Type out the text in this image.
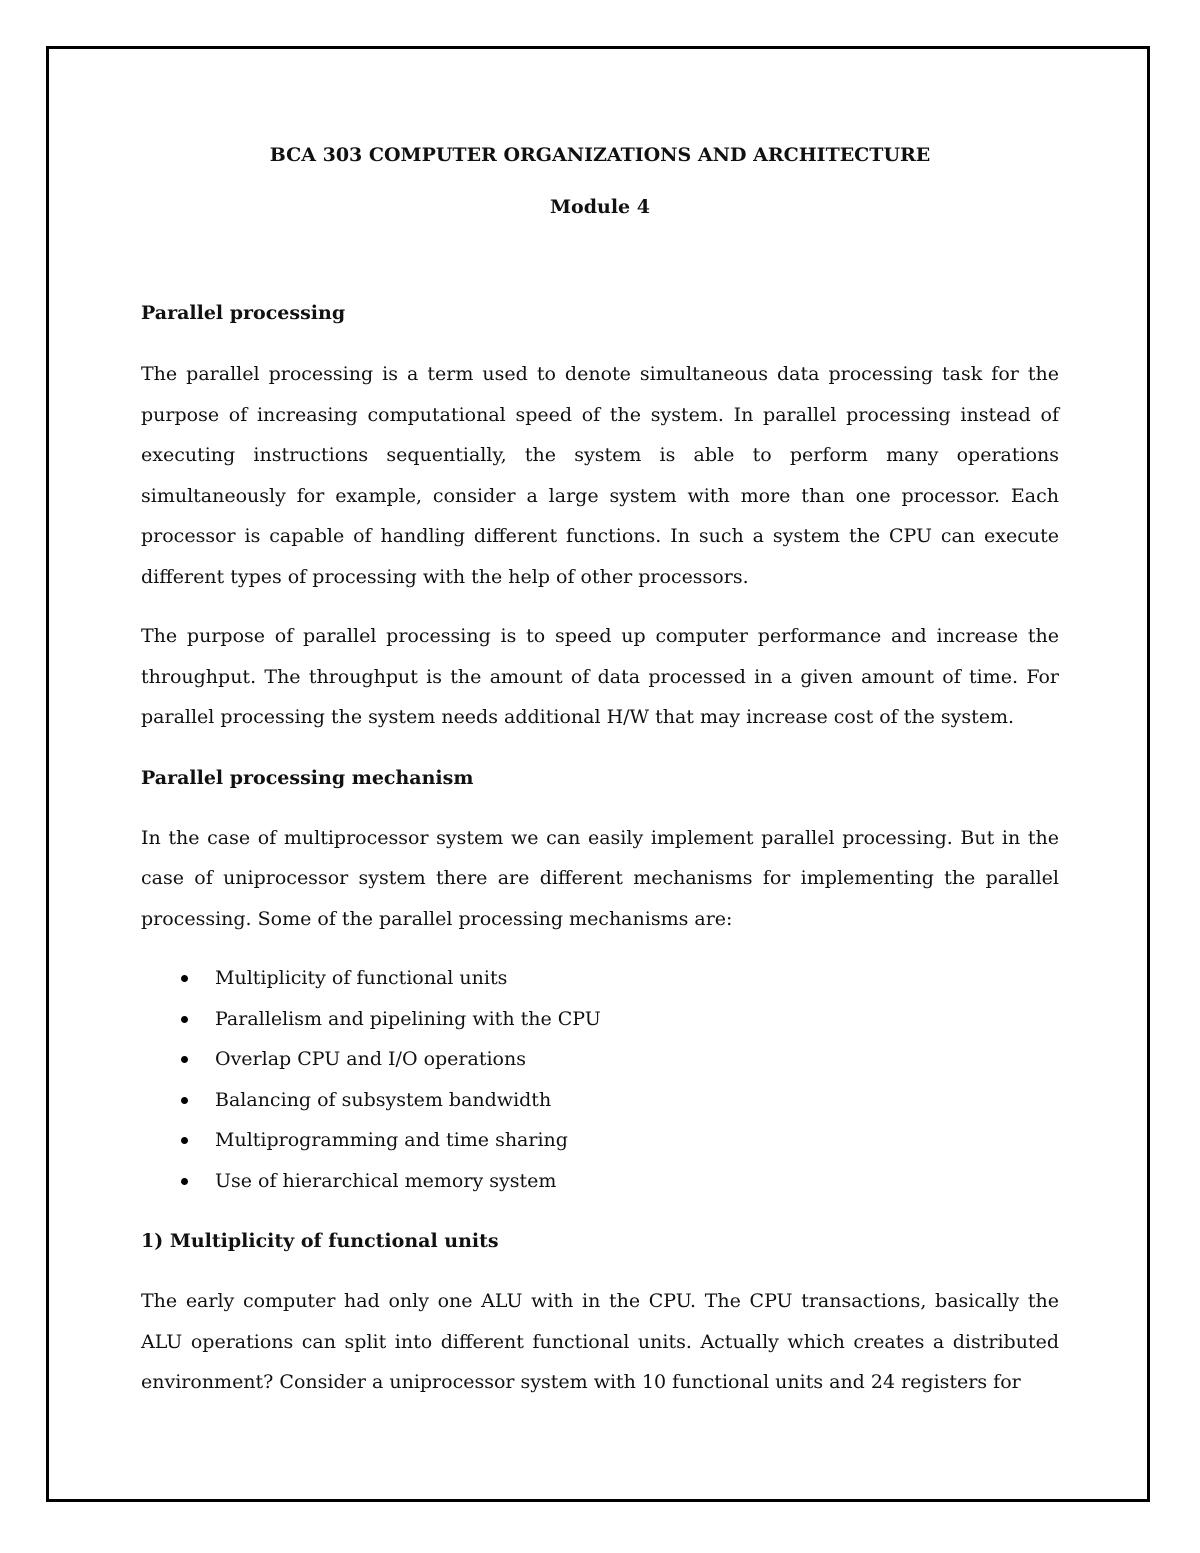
BCA 303 COMPUTER ORGANIZATIONS AND ARCHITECTURE

Module 4

Parallel processing

The parallel processing is a term used to denote simultaneous data processing task for the purpose of increasing computational speed of the system. In parallel processing instead of executing instructions sequentially, the system is able to perform many operations simultaneously for example, consider a large system with more than one processor. Each processor is capable of handling different functions. In such a system the CPU can execute different types of processing with the help of other processors.

The purpose of parallel processing is to speed up computer performance and increase the throughput. The throughput is the amount of data processed in a given amount of time. For parallel processing the system needs additional H/W that may increase cost of the system.

Parallel processing mechanism

In the case of multiprocessor system we can easily implement parallel processing. But in the case of uniprocessor system there are different mechanisms for implementing the parallel processing. Some of the parallel processing mechanisms are:

Multiplicity of functional units
Parallelism and pipelining with the CPU
Overlap CPU and I/O operations
Balancing of subsystem bandwidth
Multiprogramming and time sharing
Use of hierarchical memory system

1) Multiplicity of functional units

The early computer had only one ALU with in the CPU. The CPU transactions, basically the ALU operations can split into different functional units. Actually which creates a distributed environment? Consider a uniprocessor system with 10 functional units and 24 registers for
